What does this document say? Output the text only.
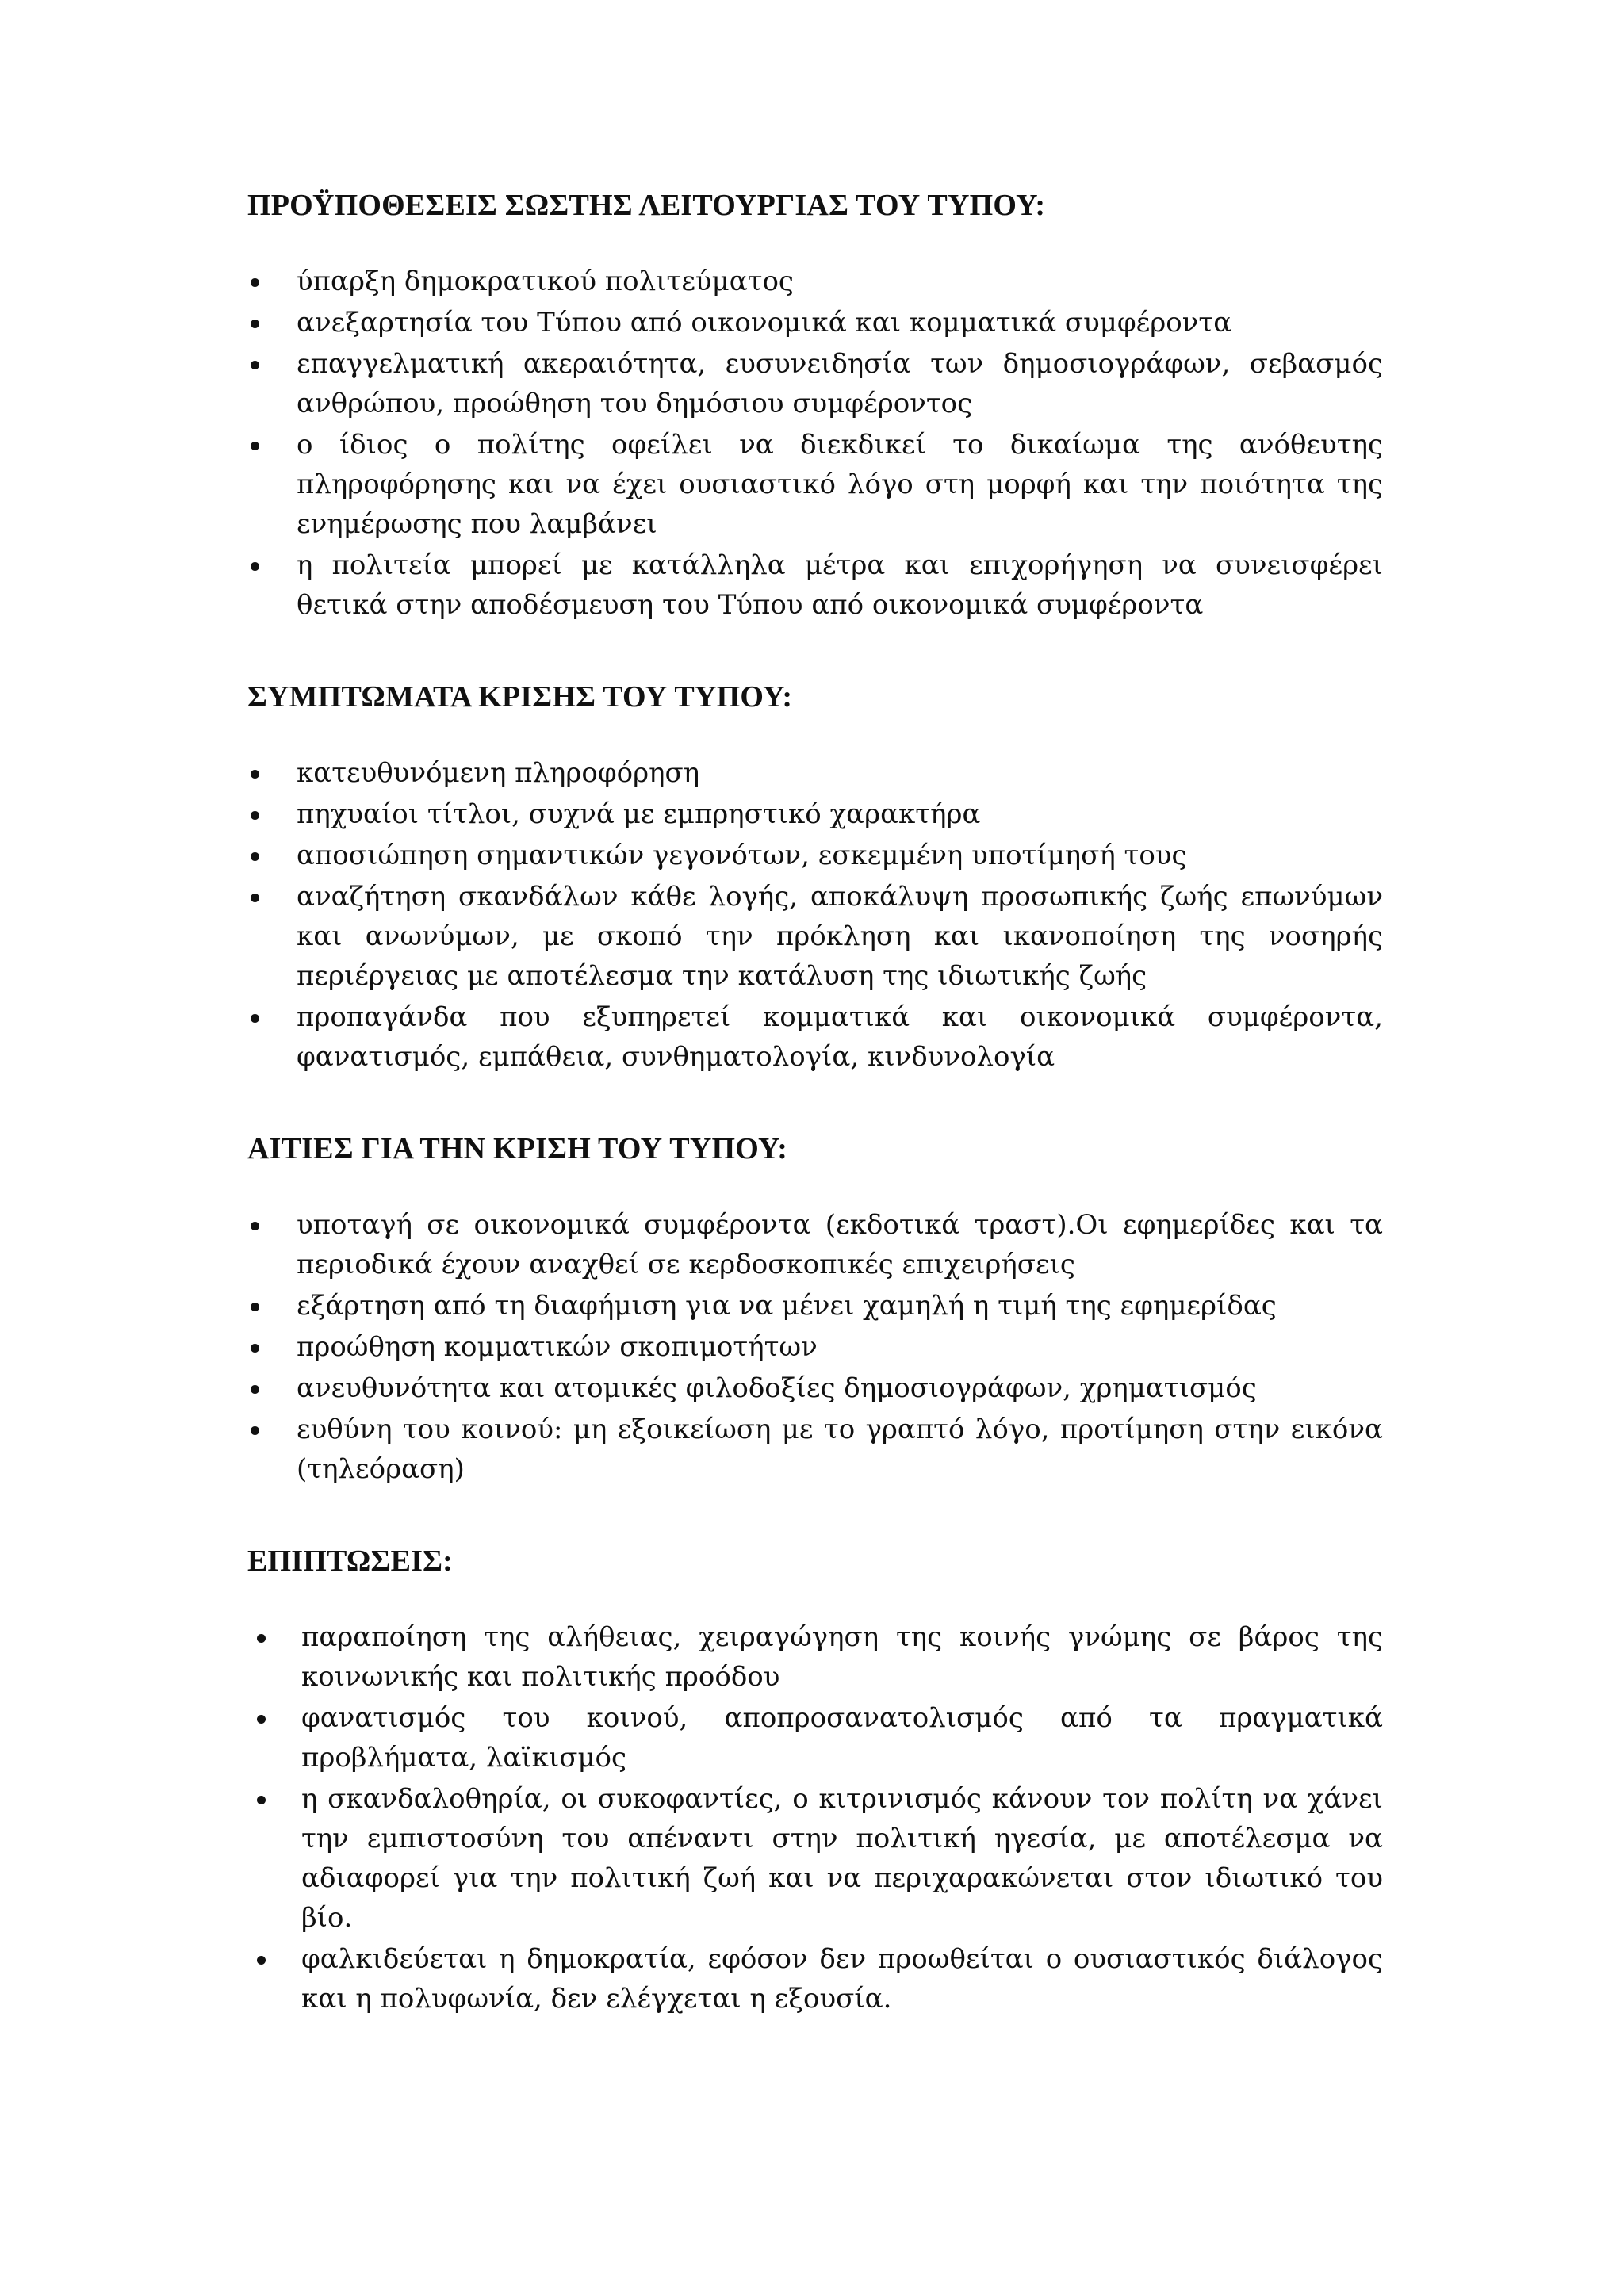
ΠΡΟΫΠΟΘΕΣΕΙΣ ΣΩΣΤΗΣ ΛΕΙΤΟΥΡΓΙΑΣ ΤΟΥ ΤΥΠΟΥ:
ύπαρξη δημοκρατικού πολιτεύματος
ανεξαρτησία του Τύπου από οικονομικά και κομματικά συμφέροντα
επαγγελματική ακεραιότητα, ευσυνειδησία των δημοσιογράφων, σεβασμός ανθρώπου, προώθηση του δημόσιου συμφέροντος
ο ίδιος ο πολίτης οφείλει να διεκδικεί το δικαίωμα της ανόθευτης πληροφόρησης και να έχει ουσιαστικό λόγο στη μορφή και την ποιότητα της ενημέρωσης που λαμβάνει
η πολιτεία μπορεί με κατάλληλα μέτρα και επιχορήγηση να συνεισφέρει θετικά στην αποδέσμευση του Τύπου από οικονομικά συμφέροντα
ΣΥΜΠΤΩΜΑΤΑ ΚΡΙΣΗΣ ΤΟΥ ΤΥΠΟΥ:
κατευθυνόμενη πληροφόρηση
πηχυαίοι τίτλοι, συχνά με εμπρηστικό χαρακτήρα
αποσιώπηση σημαντικών γεγονότων, εσκεμμένη υποτίμησή τους
αναζήτηση σκανδάλων κάθε λογής, αποκάλυψη προσωπικής ζωής επωνύμων και ανωνύμων, με σκοπό την πρόκληση και ικανοποίηση της νοσηρής περιέργειας με αποτέλεσμα την κατάλυση της ιδιωτικής ζωής
προπαγάνδα που εξυπηρετεί κομματικά και οικονομικά συμφέροντα, φανατισμός, εμπάθεια, συνθηματολογία, κινδυνολογία
ΑΙΤΙΕΣ ΓΙΑ ΤΗΝ ΚΡΙΣΗ ΤΟΥ ΤΥΠΟΥ:
υποταγή σε οικονομικά συμφέροντα (εκδοτικά τραστ).Οι εφημερίδες και τα περιοδικά έχουν αναχθεί σε κερδοσκοπικές επιχειρήσεις
εξάρτηση από τη διαφήμιση για να μένει χαμηλή η τιμή της εφημερίδας
προώθηση κομματικών σκοπιμοτήτων
ανευθυνότητα και ατομικές φιλοδοξίες δημοσιογράφων, χρηματισμός
ευθύνη του κοινού: μη εξοικείωση με το γραπτό λόγο, προτίμηση στην εικόνα (τηλεόραση)
ΕΠΙΠΤΩΣΕΙΣ:
παραποίηση της αλήθειας, χειραγώγηση της κοινής γνώμης σε βάρος της κοινωνικής και πολιτικής προόδου
φανατισμός του κοινού, αποπροσανατολισμός από τα πραγματικά προβλήματα, λαϊκισμός
η σκανδαλοθηρία, οι συκοφαντίες, ο κιτρινισμός κάνουν τον πολίτη να χάνει την εμπιστοσύνη του απέναντι στην πολιτική ηγεσία, με αποτέλεσμα να αδιαφορεί για την πολιτική ζωή και να περιχαρακώνεται στον ιδιωτικό του βίο.
φαλκιδεύεται η δημοκρατία, εφόσον δεν προωθείται ο ουσιαστικός διάλογος και η πολυφωνία, δεν ελέγχεται η εξουσία.
